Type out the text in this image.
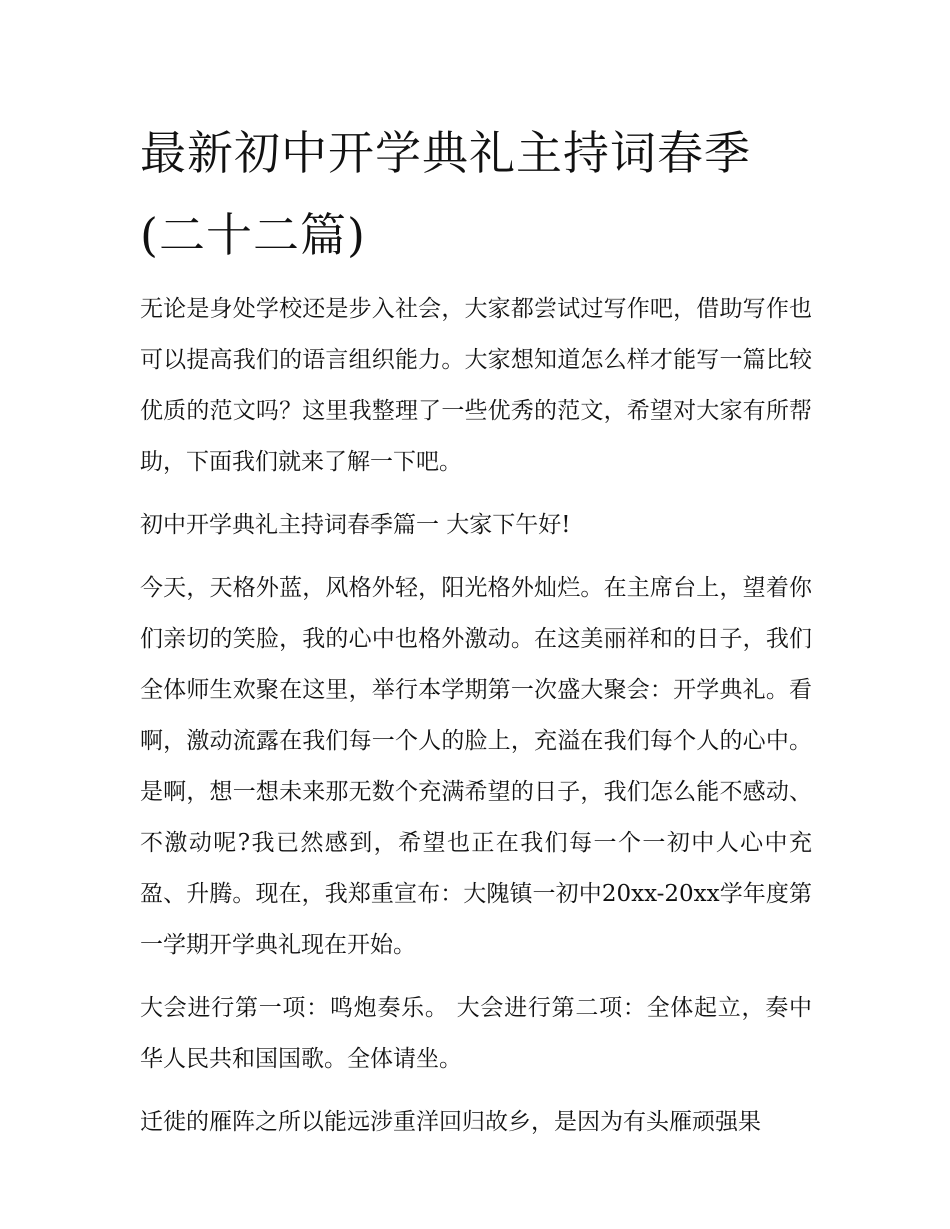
最新初中开学典礼主持词春季
(二十二篇)

无论是身处学校还是步入社会，大家都尝试过写作吧，借助写作也可以提高我们的语言组织能力。大家想知道怎么样才能写一篇比较优质的范文吗？这里我整理了一些优秀的范文，希望对大家有所帮助，下面我们就来了解一下吧。

初中开学典礼主持词春季篇一 大家下午好!

今天，天格外蓝，风格外轻，阳光格外灿烂。在主席台上，望着你们亲切的笑脸，我的心中也格外激动。在这美丽祥和的日子，我们全体师生欢聚在这里，举行本学期第一次盛大聚会：开学典礼。看啊，激动流露在我们每一个人的脸上，充溢在我们每个人的心中。是啊，想一想未来那无数个充满希望的日子，我们怎么能不感动、不激动呢?我已然感到，希望也正在我们每一个一初中人心中充盈、升腾。现在，我郑重宣布：大隗镇一初中20xx-20xx学年度第一学期开学典礼现在开始。

大会进行第一项：鸣炮奏乐。 大会进行第二项：全体起立，奏中华人民共和国国歌。全体请坐。

迁徙的雁阵之所以能远涉重洋回归故乡，是因为有头雁顽强果
